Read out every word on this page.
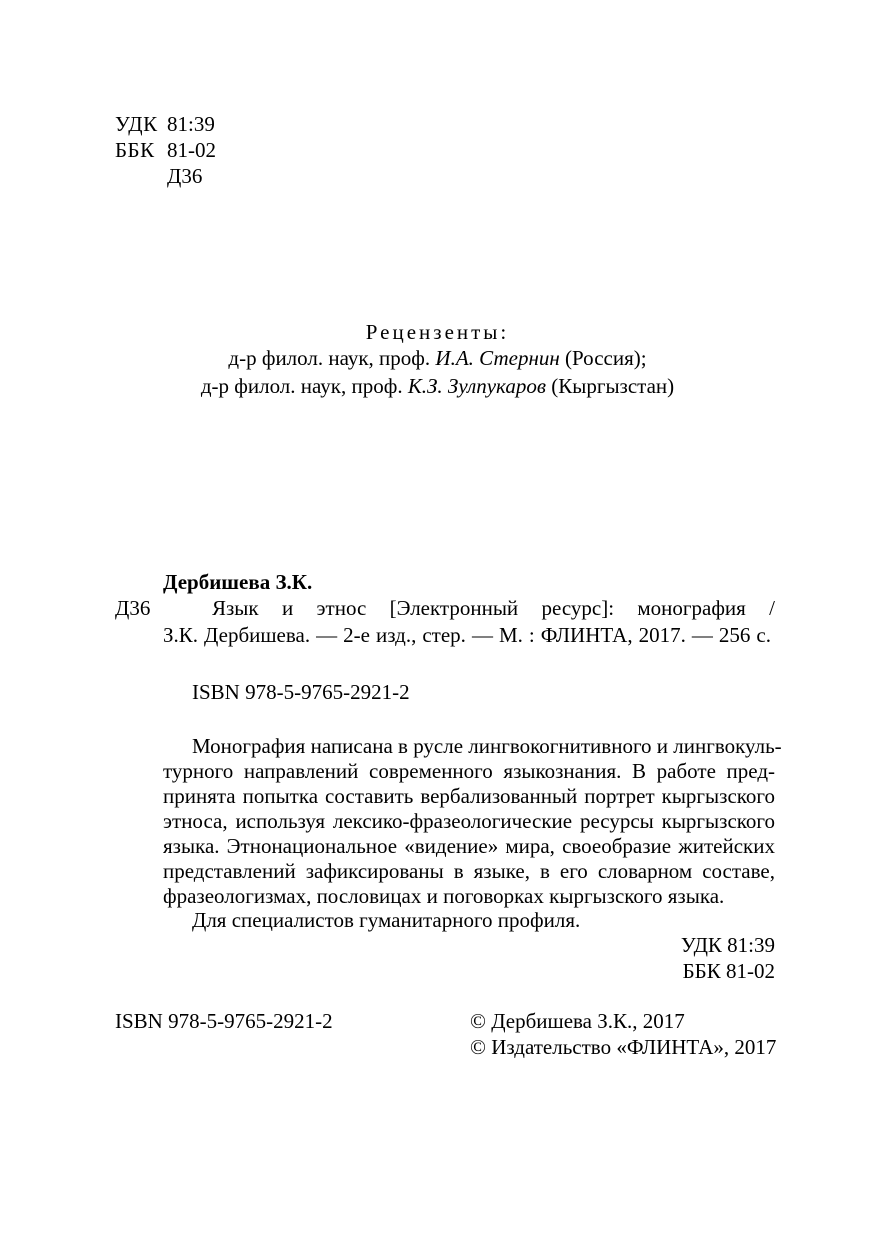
УДК 81:39
ББК 81-02
Д36
Рецензенты:
д-р филол. наук, проф. И.А. Стернин (Россия);
д-р филол. наук, проф. К.З. Зулпукаров (Кыргызстан)
Дербишева З.К.
Д36	Язык и этнос [Электронный ресурс]: монография /
З.К. Дербишева. — 2-е изд., стер. — М. : ФЛИНТА, 2017. — 256 с.
ISBN 978-5-9765-2921-2
Монография написана в русле лингвокогнитивного и лингвокуль-
турного направлений современного языкознания. В работе пред-
принята попытка составить вербализованный портрет кыргызского
этноса, используя лексико-фразеологические ресурсы кыргызского
языка. Этнонациональное «видение» мира, своеобразие житейских
представлений зафиксированы в языке, в его словарном составе,
фразеологизмах, пословицах и поговорках кыргызского языка.
Для специалистов гуманитарного профиля.
УДК 81:39
ББК 81-02
ISBN 978-5-9765-2921-2	© Дербишева З.К., 2017
© Издательство «ФЛИНТА», 2017
